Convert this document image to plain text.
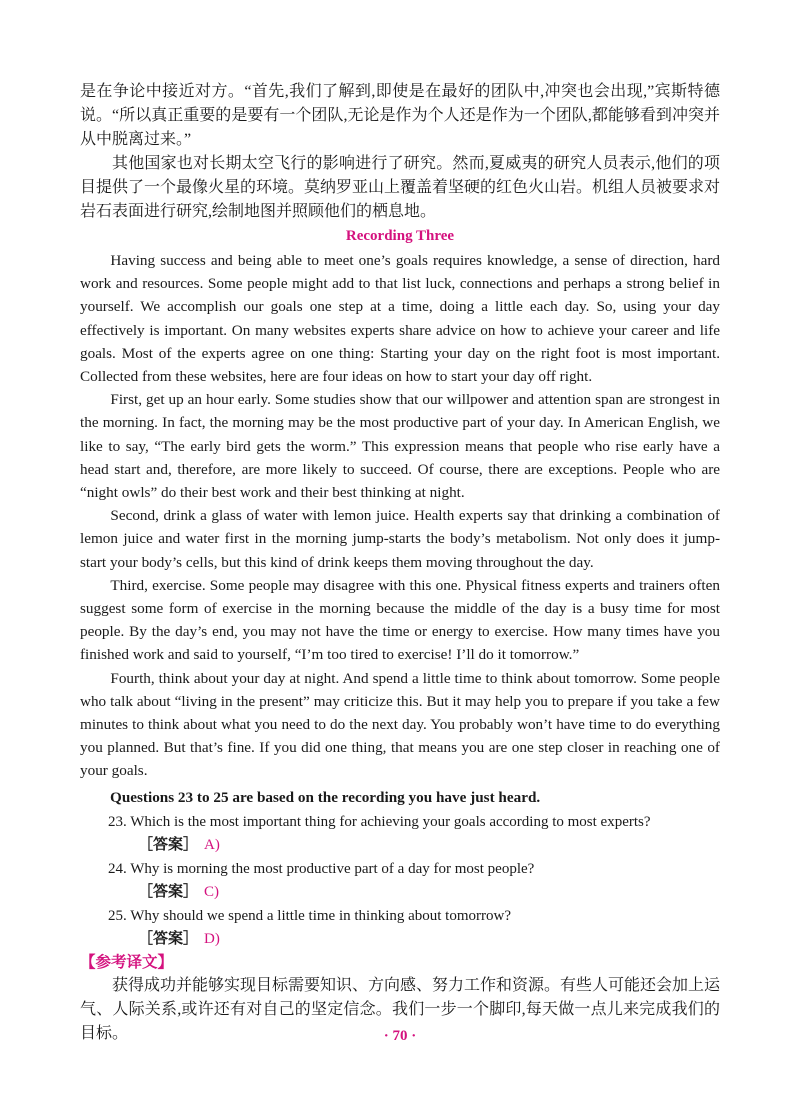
是在争论中接近对方。“首先,我们了解到,即使是在最好的团队中,冲突也会出现,”宾斯特德说。“所以真正重要的是要有一个团队,无论是作为个人还是作为一个团队,都能够看到冲突并从中脱离过来。”

其他国家也对长期太空飞行的影响进行了研究。然而,夏威夷的研究人员表示,他们的项目提供了一个最像火星的环境。莫纳罗亚山上覆盖着坚硬的红色火山岩。机组人员被要求对岩石表面进行研究,绘制地图并照顾他们的栖息地。

Recording Three

Having success and being able to meet one’s goals requires knowledge, a sense of direction, hard work and resources. Some people might add to that list luck, connections and perhaps a strong belief in yourself. We accomplish our goals one step at a time, doing a little each day. So, using your day effectively is important. On many websites experts share advice on how to achieve your career and life goals. Most of the experts agree on one thing: Starting your day on the right foot is most important. Collected from these websites, here are four ideas on how to start your day off right.

First, get up an hour early. Some studies show that our willpower and attention span are strongest in the morning. In fact, the morning may be the most productive part of your day. In American English, we like to say, “The early bird gets the worm.” This expression means that people who rise early have a head start and, therefore, are more likely to succeed. Of course, there are exceptions. People who are “night owls” do their best work and their best thinking at night.

Second, drink a glass of water with lemon juice. Health experts say that drinking a combination of lemon juice and water first in the morning jump-starts the body’s metabolism. Not only does it jump-start your body’s cells, but this kind of drink keeps them moving throughout the day.

Third, exercise. Some people may disagree with this one. Physical fitness experts and trainers often suggest some form of exercise in the morning because the middle of the day is a busy time for most people. By the day’s end, you may not have the time or energy to exercise. How many times have you finished work and said to yourself, “I’m too tired to exercise! I’ll do it tomorrow.”

Fourth, think about your day at night. And spend a little time to think about tomorrow. Some people who talk about “living in the present” may criticize this. But it may help you to prepare if you take a few minutes to think about what you need to do the next day. You probably won’t have time to do everything you planned. But that’s fine. If you did one thing, that means you are one step closer in reaching one of your goals.

Questions 23 to 25 are based on the recording you have just heard.
23. Which is the most important thing for achieving your goals according to most experts?
［答案］ A)
24. Why is morning the most productive part of a day for most people?
［答案］ C)
25. Why should we spend a little time in thinking about tomorrow?
［答案］ D)
【参考译文】

获得成功并能够实现目标需要知识、方向感、努力工作和资源。有些人可能还会加上运气、人际关系,或许还有对自己的坚定信念。我们一步一个脚印,每天做一点儿来完成我们的目标。	· 70 ·
